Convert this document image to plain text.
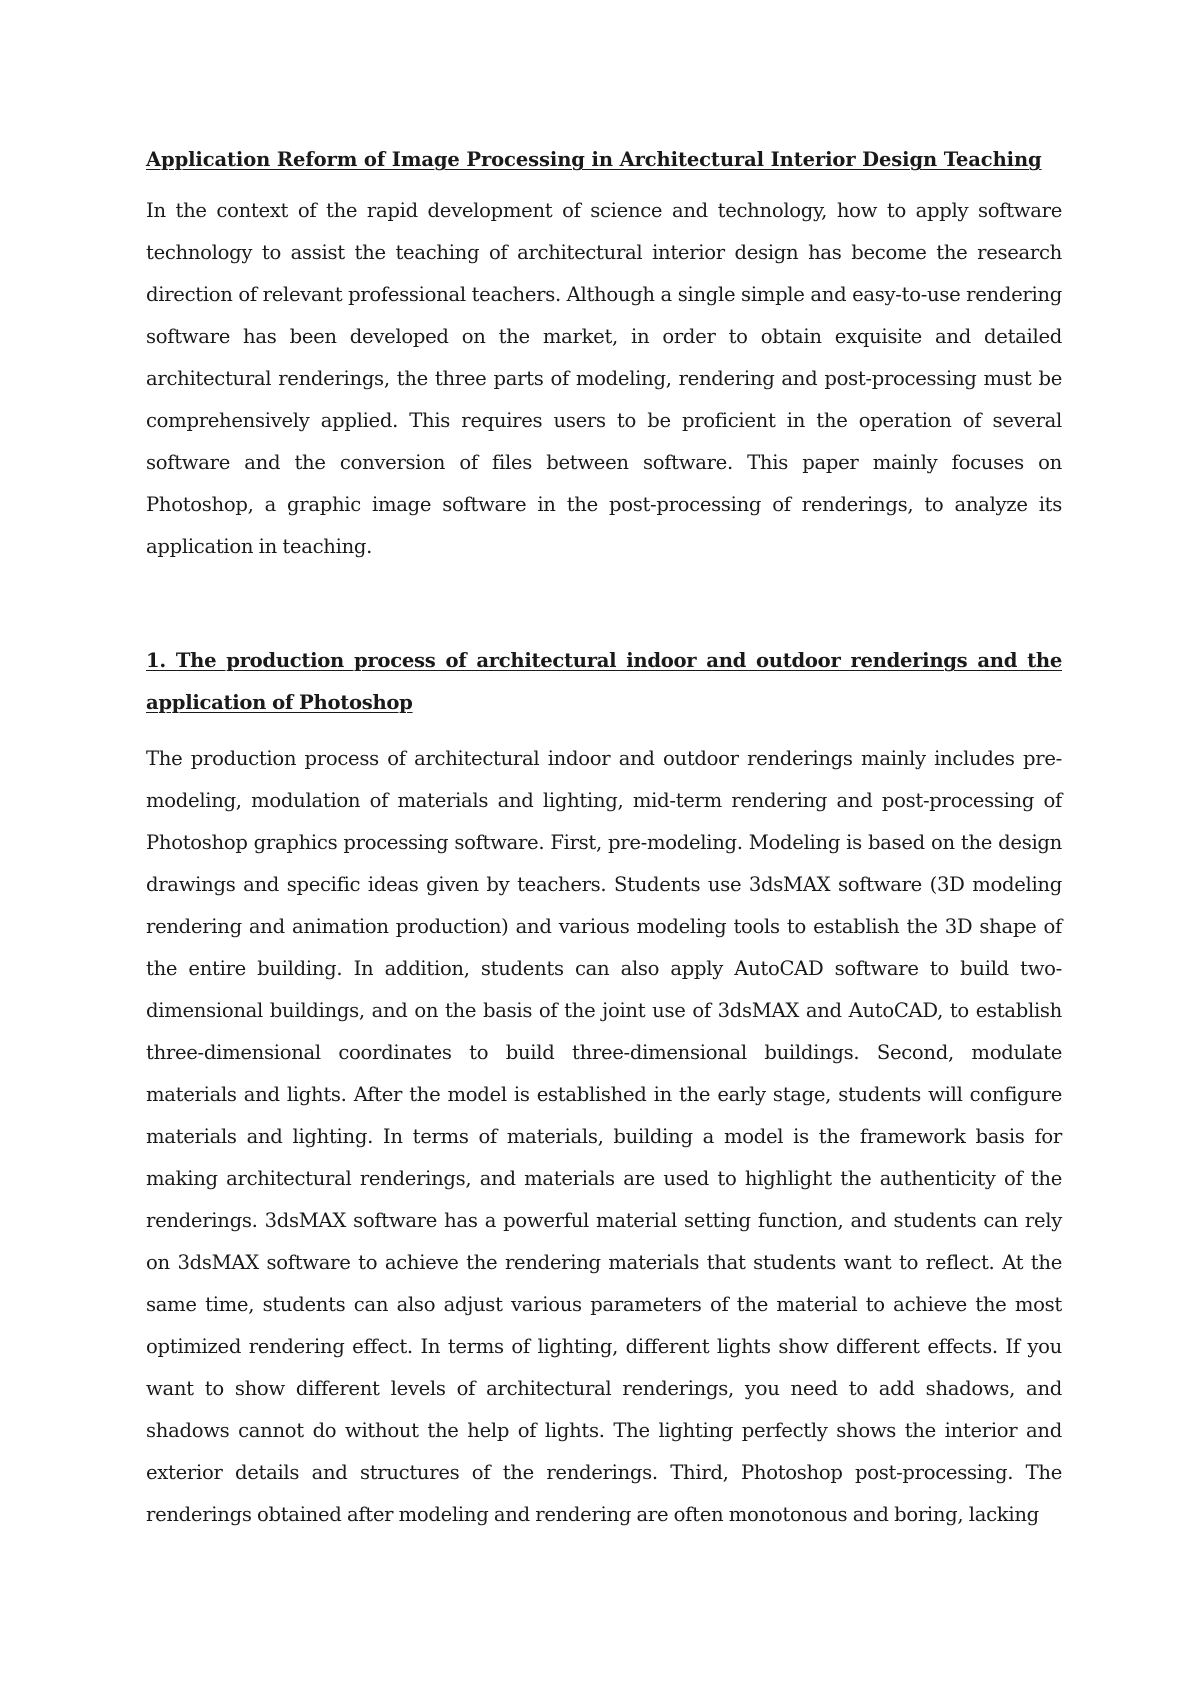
Application Reform of Image Processing in Architectural Interior Design Teaching

In the context of the rapid development of science and technology, how to apply software technology to assist the teaching of architectural interior design has become the research direction of relevant professional teachers. Although a single simple and easy-to-use rendering software has been developed on the market, in order to obtain exquisite and detailed architectural renderings, the three parts of modeling, rendering and post-processing must be comprehensively applied. This requires users to be proficient in the operation of several software and the conversion of files between software. This paper mainly focuses on Photoshop, a graphic image software in the post-processing of renderings, to analyze its application in teaching.

1. The production process of architectural indoor and outdoor renderings and the application of Photoshop

The production process of architectural indoor and outdoor renderings mainly includes pre-modeling, modulation of materials and lighting, mid-term rendering and post-processing of Photoshop graphics processing software. First, pre-modeling. Modeling is based on the design drawings and specific ideas given by teachers. Students use 3dsMAX software (3D modeling rendering and animation production) and various modeling tools to establish the 3D shape of the entire building. In addition, students can also apply AutoCAD software to build two-dimensional buildings, and on the basis of the joint use of 3dsMAX and AutoCAD, to establish three-dimensional coordinates to build three-dimensional buildings. Second, modulate materials and lights. After the model is established in the early stage, students will configure materials and lighting. In terms of materials, building a model is the framework basis for making architectural renderings, and materials are used to highlight the authenticity of the renderings. 3dsMAX software has a powerful material setting function, and students can rely on 3dsMAX software to achieve the rendering materials that students want to reflect. At the same time, students can also adjust various parameters of the material to achieve the most optimized rendering effect. In terms of lighting, different lights show different effects. If you want to show different levels of architectural renderings, you need to add shadows, and shadows cannot do without the help of lights. The lighting perfectly shows the interior and exterior details and structures of the renderings. Third, Photoshop post-processing. The renderings obtained after modeling and rendering are often monotonous and boring, lacking
